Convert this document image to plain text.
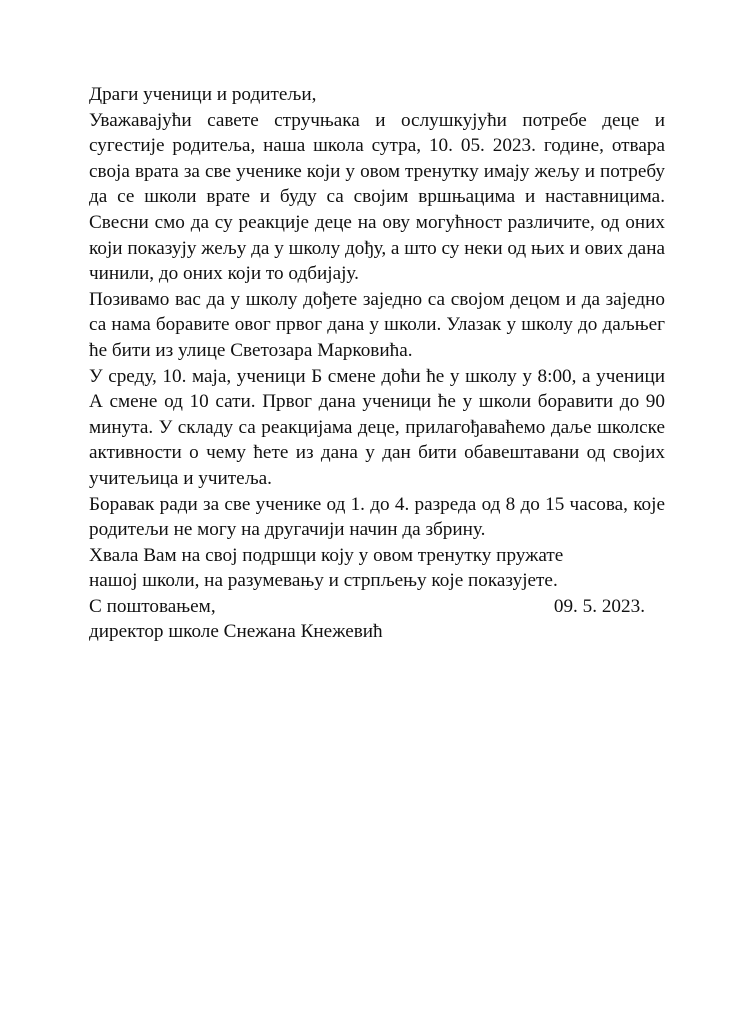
Драги ученици и родитељи,
Уважавајући савете стручњака и ослушкујући потребе деце и сугестије родитеља, наша школа сутра, 10. 05. 2023. године, отвара своја врата за све ученике који у овом тренутку имају жељу и потребу да се школи врате и буду са својим вршњацима и наставницима. Свесни смо да су реакције деце на ову могућност различите, од оних који показују жељу да у школу дођу, а што су неки од њих и ових дана чинили, до оних који то одбијају.
Позивамо вас да у школу дођете заједно са својом децом и да заједно са нама боравите овог првог дана у школи. Улазак у школу до даљњег ће бити из улице Светозара Марковића.
У среду, 10. маја, ученици Б смене доћи ће у школу у 8:00, а ученици А смене од 10 сати. Првог дана ученици ће у школи боравити до 90 минута. У складу са реакцијама деце, прилагођаваћемо даље школске активности о чему ћете из дана у дан бити обавештавани од својих учитељица и учитеља.
Боравак ради за све ученике од 1. до 4. разреда од 8 до 15 часова, које родитељи не могу на другачији начин да збрину.
Хвала Вам на свој подршци коју у овом тренутку пружате
нашој школи, на разумевању и стрпљењу које показујете.
С поштовањем,	09. 5. 2023.
директор школе Снежана Кнежевић
